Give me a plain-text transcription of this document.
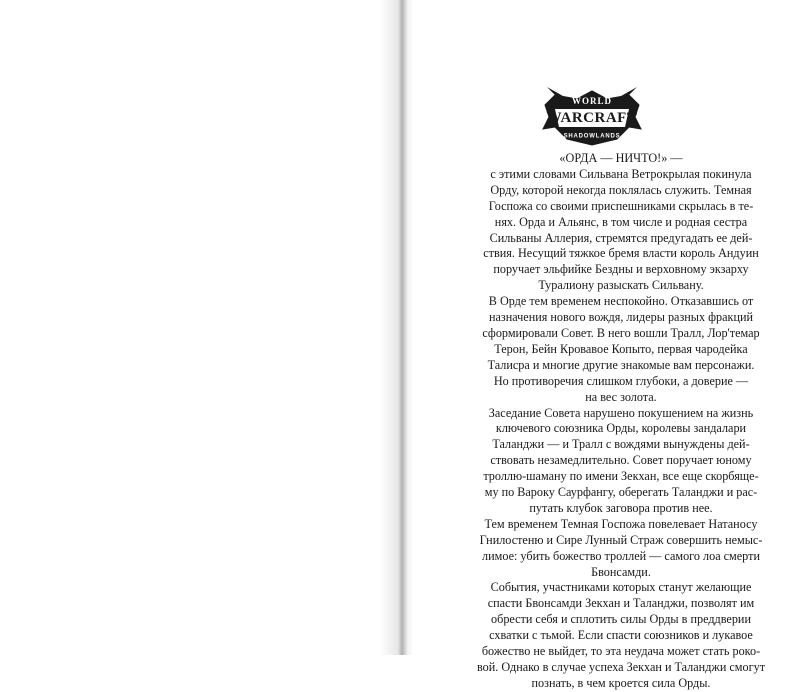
WORLD
WARCRAFT
SHADOWLANDS
«ОРДА — НИЧТО!» —
с этими словами Сильвана Ветрокрылая покинула
Орду, которой некогда поклялась служить. Темная
Госпожа со своими приспешниками скрылась в те-
нях. Орда и Альянс, в том числе и родная сестра
Сильваны Аллерия, стремятся предугадать ее дей-
ствия. Несущий тяжкое бремя власти король Андуин
поручает эльфийке Бездны и верховному экзарху
Туралиону разыскать Сильвану.
В Орде тем временем неспокойно. Отказавшись от
назначения нового вождя, лидеры разных фракций
сформировали Совет. В него вошли Тралл, Лор'темар
Терон, Бейн Кровавое Копыто, первая чародейка
Талисра и многие другие знакомые вам персонажи.
Но противоречия слишком глубоки, а доверие —
на вес золота.
Заседание Совета нарушено покушением на жизнь
ключевого союзника Орды, королевы зандалари
Таланджи — и Тралл с вождями вынуждены дей-
ствовать незамедлительно. Совет поручает юному
троллю-шаману по имени Зекхан, все еще скорбяще-
му по Вароку Саурфангу, оберегать Таланджи и рас-
путать клубок заговора против нее.
Тем временем Темная Госпожа повелевает Натаносу
Гнилостеню и Сире Лунный Страж совершить немыс-
лимое: убить божество троллей — самого лоа смерти
Бвонсамди.
События, участниками которых станут желающие
спасти Бвонсамди Зекхан и Таланджи, позволят им
обрести себя и сплотить силы Орды в преддверии
схватки с тьмой. Если спасти союзников и лукавое
божество не выйдет, то эта неудача может стать роко-
вой. Однако в случае успеха Зекхан и Таланджи смогут
познать, в чем кроется сила Орды.
